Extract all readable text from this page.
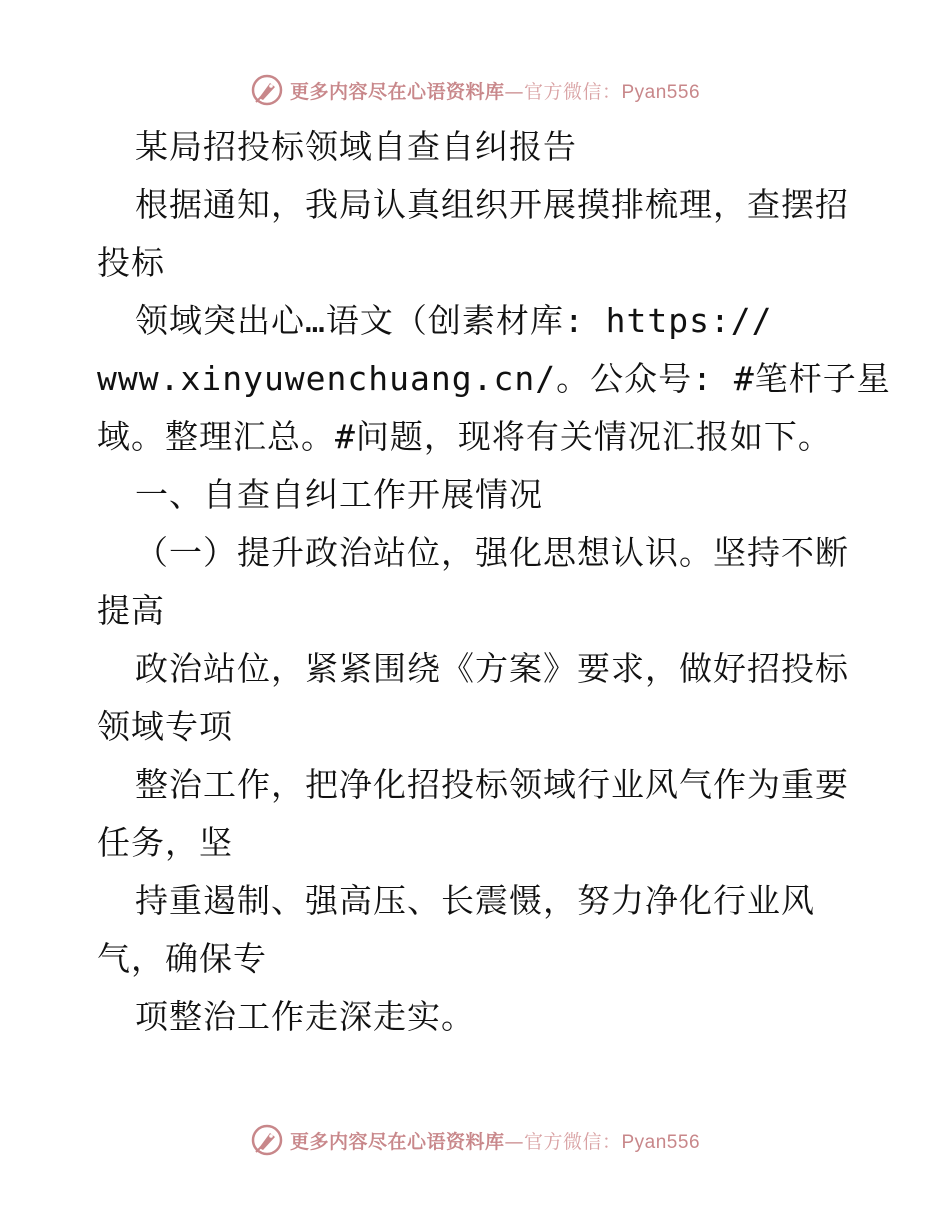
更多内容尽在心语资料库—官方微信：Pyan556
某局招投标领域自查自纠报告
根据通知，我局认真组织开展摸排梳理，查摆招
投标
领域突出心…语文（创素材库: https://
www.xinyuwenchuang.cn/。公众号: #笔杆子星
域。整理汇总。#问题，现将有关情况汇报如下。
一、自查自纠工作开展情况
（一）提升政治站位，强化思想认识。坚持不断
提高
政治站位，紧紧围绕《方案》要求，做好招投标
领域专项
整治工作，把净化招投标领域行业风气作为重要
任务，坚
持重遏制、强高压、长震慑，努力净化行业风
气，确保专
项整治工作走深走实。
更多内容尽在心语资料库—官方微信：Pyan556
